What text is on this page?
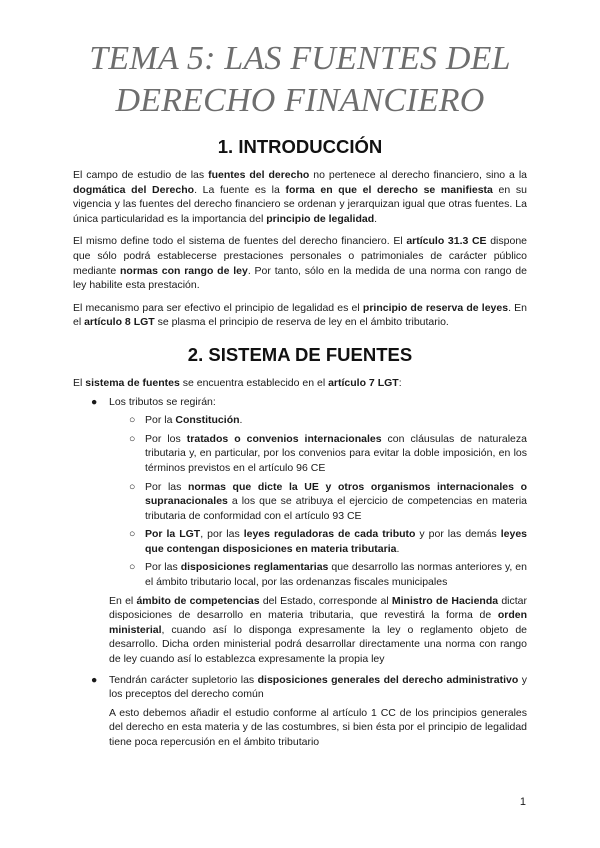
TEMA 5: LAS FUENTES DEL
DERECHO FINANCIERO
1. INTRODUCCIÓN

El campo de estudio de las fuentes del derecho no pertenece al derecho financiero, sino a la dogmática del Derecho. La fuente es la forma en que el derecho se manifiesta en su vigencia y las fuentes del derecho financiero se ordenan y jerarquizan igual que otras fuentes. La única particularidad es la importancia del principio de legalidad.

El mismo define todo el sistema de fuentes del derecho financiero. El artículo 31.3 CE dispone que sólo podrá establecerse prestaciones personales o patrimoniales de carácter público mediante normas con rango de ley. Por tanto, sólo en la medida de una norma con rango de ley habilite esta prestación.

El mecanismo para ser efectivo el principio de legalidad es el principio de reserva de leyes. En el artículo 8 LGT se plasma el principio de reserva de ley en el ámbito tributario.

2. SISTEMA DE FUENTES

El sistema de fuentes se encuentra establecido en el artículo 7 LGT:

● Los tributos se regirán:
○ Por la Constitución.
○ Por los tratados o convenios internacionales con cláusulas de naturaleza tributaria y, en particular, por los convenios para evitar la doble imposición, en los términos previstos en el artículo 96 CE
○ Por las normas que dicte la UE y otros organismos internacionales o supranacionales a los que se atribuya el ejercicio de competencias en materia tributaria de conformidad con el artículo 93 CE
○ Por la LGT, por las leyes reguladoras de cada tributo y por las demás leyes que contengan disposiciones en materia tributaria.
○ Por las disposiciones reglamentarias que desarrollo las normas anteriores y, en el ámbito tributario local, por las ordenanzas fiscales municipales
En el ámbito de competencias del Estado, corresponde al Ministro de Hacienda dictar disposiciones de desarrollo en materia tributaria, que revestirá la forma de orden ministerial, cuando así lo disponga expresamente la ley o reglamento objeto de desarrollo. Dicha orden ministerial podrá desarrollar directamente una norma con rango de ley cuando así lo establezca expresamente la propia ley
● Tendrán carácter supletorio las disposiciones generales del derecho administrativo y los preceptos del derecho común
A esto debemos añadir el estudio conforme al artículo 1 CC de los principios generales del derecho en esta materia y de las costumbres, si bien ésta por el principio de legalidad tiene poca repercusión en el ámbito tributario
1
